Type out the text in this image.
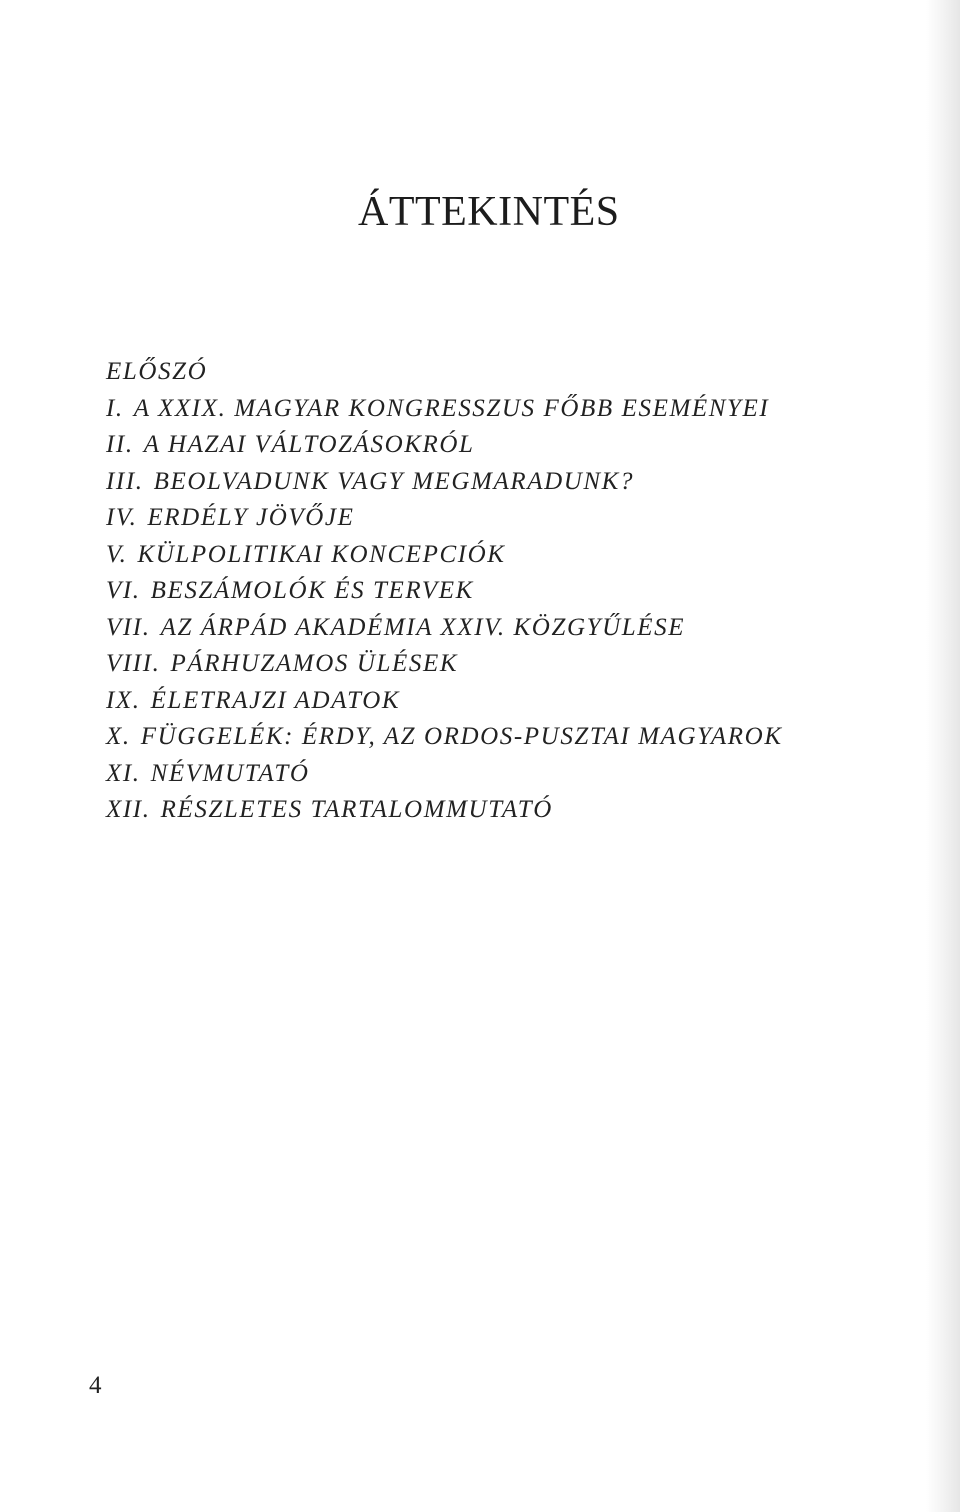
ÁTTEKINTÉS
ELŐSZÓ
I. A XXIX. MAGYAR KONGRESSZUS FŐBB ESEMÉNYEI
II. A HAZAI VÁLTOZÁSOKRÓL
III. BEOLVADUNK VAGY MEGMARADUNK?
IV. ERDÉLY JÖVŐJE
V. KÜLPOLITIKAI KONCEPCIÓK
VI. BESZÁMOLÓK ÉS TERVEK
VII. AZ ÁRPÁD AKADÉMIA XXIV. KÖZGYŰLÉSE
VIII. PÁRHUZAMOS ÜLÉSEK
IX. ÉLETRAJZI ADATOK
X. FÜGGELÉK: ÉRDY, AZ ORDOS-PUSZTAI MAGYAROK
XI. NÉVMUTATÓ
XII. RÉSZLETES TARTALOMMUTATÓ
4
